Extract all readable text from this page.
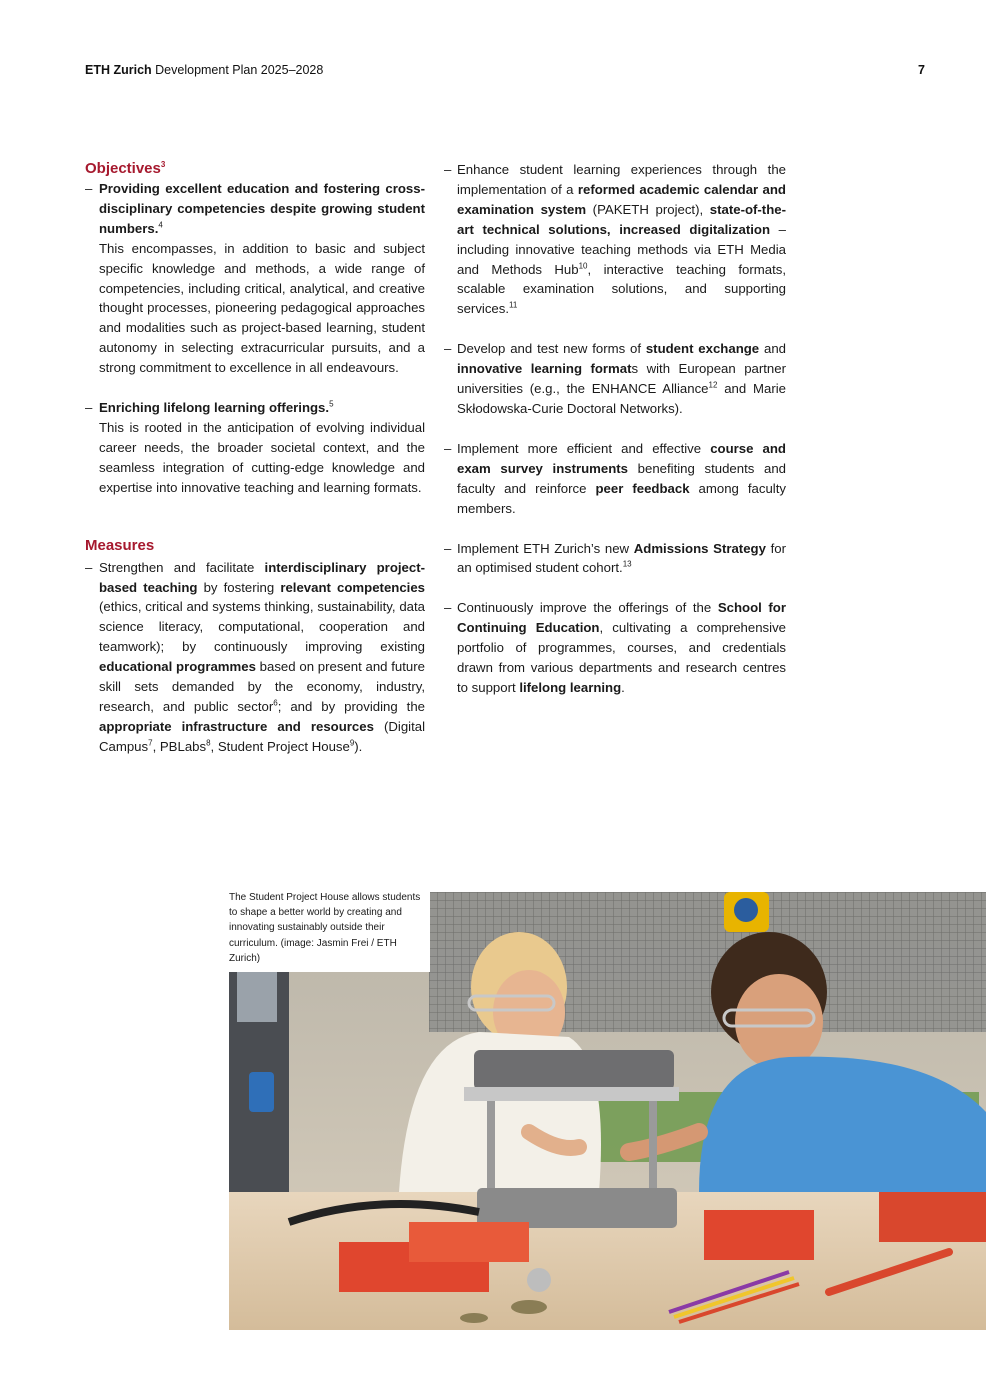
ETH Zurich Development Plan 2025–2028	7
Objectives$^3$
– Providing excellent education and fostering cross-disciplinary competencies despite growing student numbers.$^4$
This encompasses, in addition to basic and subject specific knowledge and methods, a wide range of competencies, including critical, analytical, and creative thought processes, pioneering pedagogical approaches and modalities such as project-based learning, student autonomy in selecting extracurricular pursuits, and a strong commitment to excellence in all endeavours.
– Enriching lifelong learning offerings.$^5$
This is rooted in the anticipation of evolving individual career needs, the broader societal context, and the seamless integration of cutting-edge knowledge and expertise into innovative teaching and learning formats.
Measures
– Strengthen and facilitate interdisciplinary project-based teaching by fostering relevant competencies (ethics, critical and systems thinking, sustainability, data science literacy, computational, cooperation and teamwork); by continuously improving existing educational programmes based on present and future skill sets demanded by the economy, industry, research, and public sector$^6$; and by providing the appropriate infrastructure and resources (Digital Campus$^7$, PBLabs$^8$, Student Project House$^9$).
– Enhance student learning experiences through the implementation of a reformed academic calendar and examination system (PAKETH project), state-of-the-art technical solutions, increased digitalization – including innovative teaching methods via ETH Media and Methods Hub$^{10}$, interactive teaching formats, scalable examination solutions, and supporting services.$^{11}$
– Develop and test new forms of student exchange and innovative learning formats with European partner universities (e.g., the ENHANCE Alliance$^{12}$ and Marie Skłodowska-Curie Doctoral Networks).
– Implement more efficient and effective course and exam survey instruments benefiting students and faculty and reinforce peer feedback among faculty members.
– Implement ETH Zurich’s new Admissions Strategy for an optimised student cohort.$^{13}$
– Continuously improve the offerings of the School for Continuing Education, cultivating a comprehensive portfolio of programmes, courses, and credentials drawn from various departments and research centres to support lifelong learning.
The Student Project House allows students to shape a better world by creating and innovating sustainably outside their curriculum. (image: Jasmin Frei / ETH Zurich)
